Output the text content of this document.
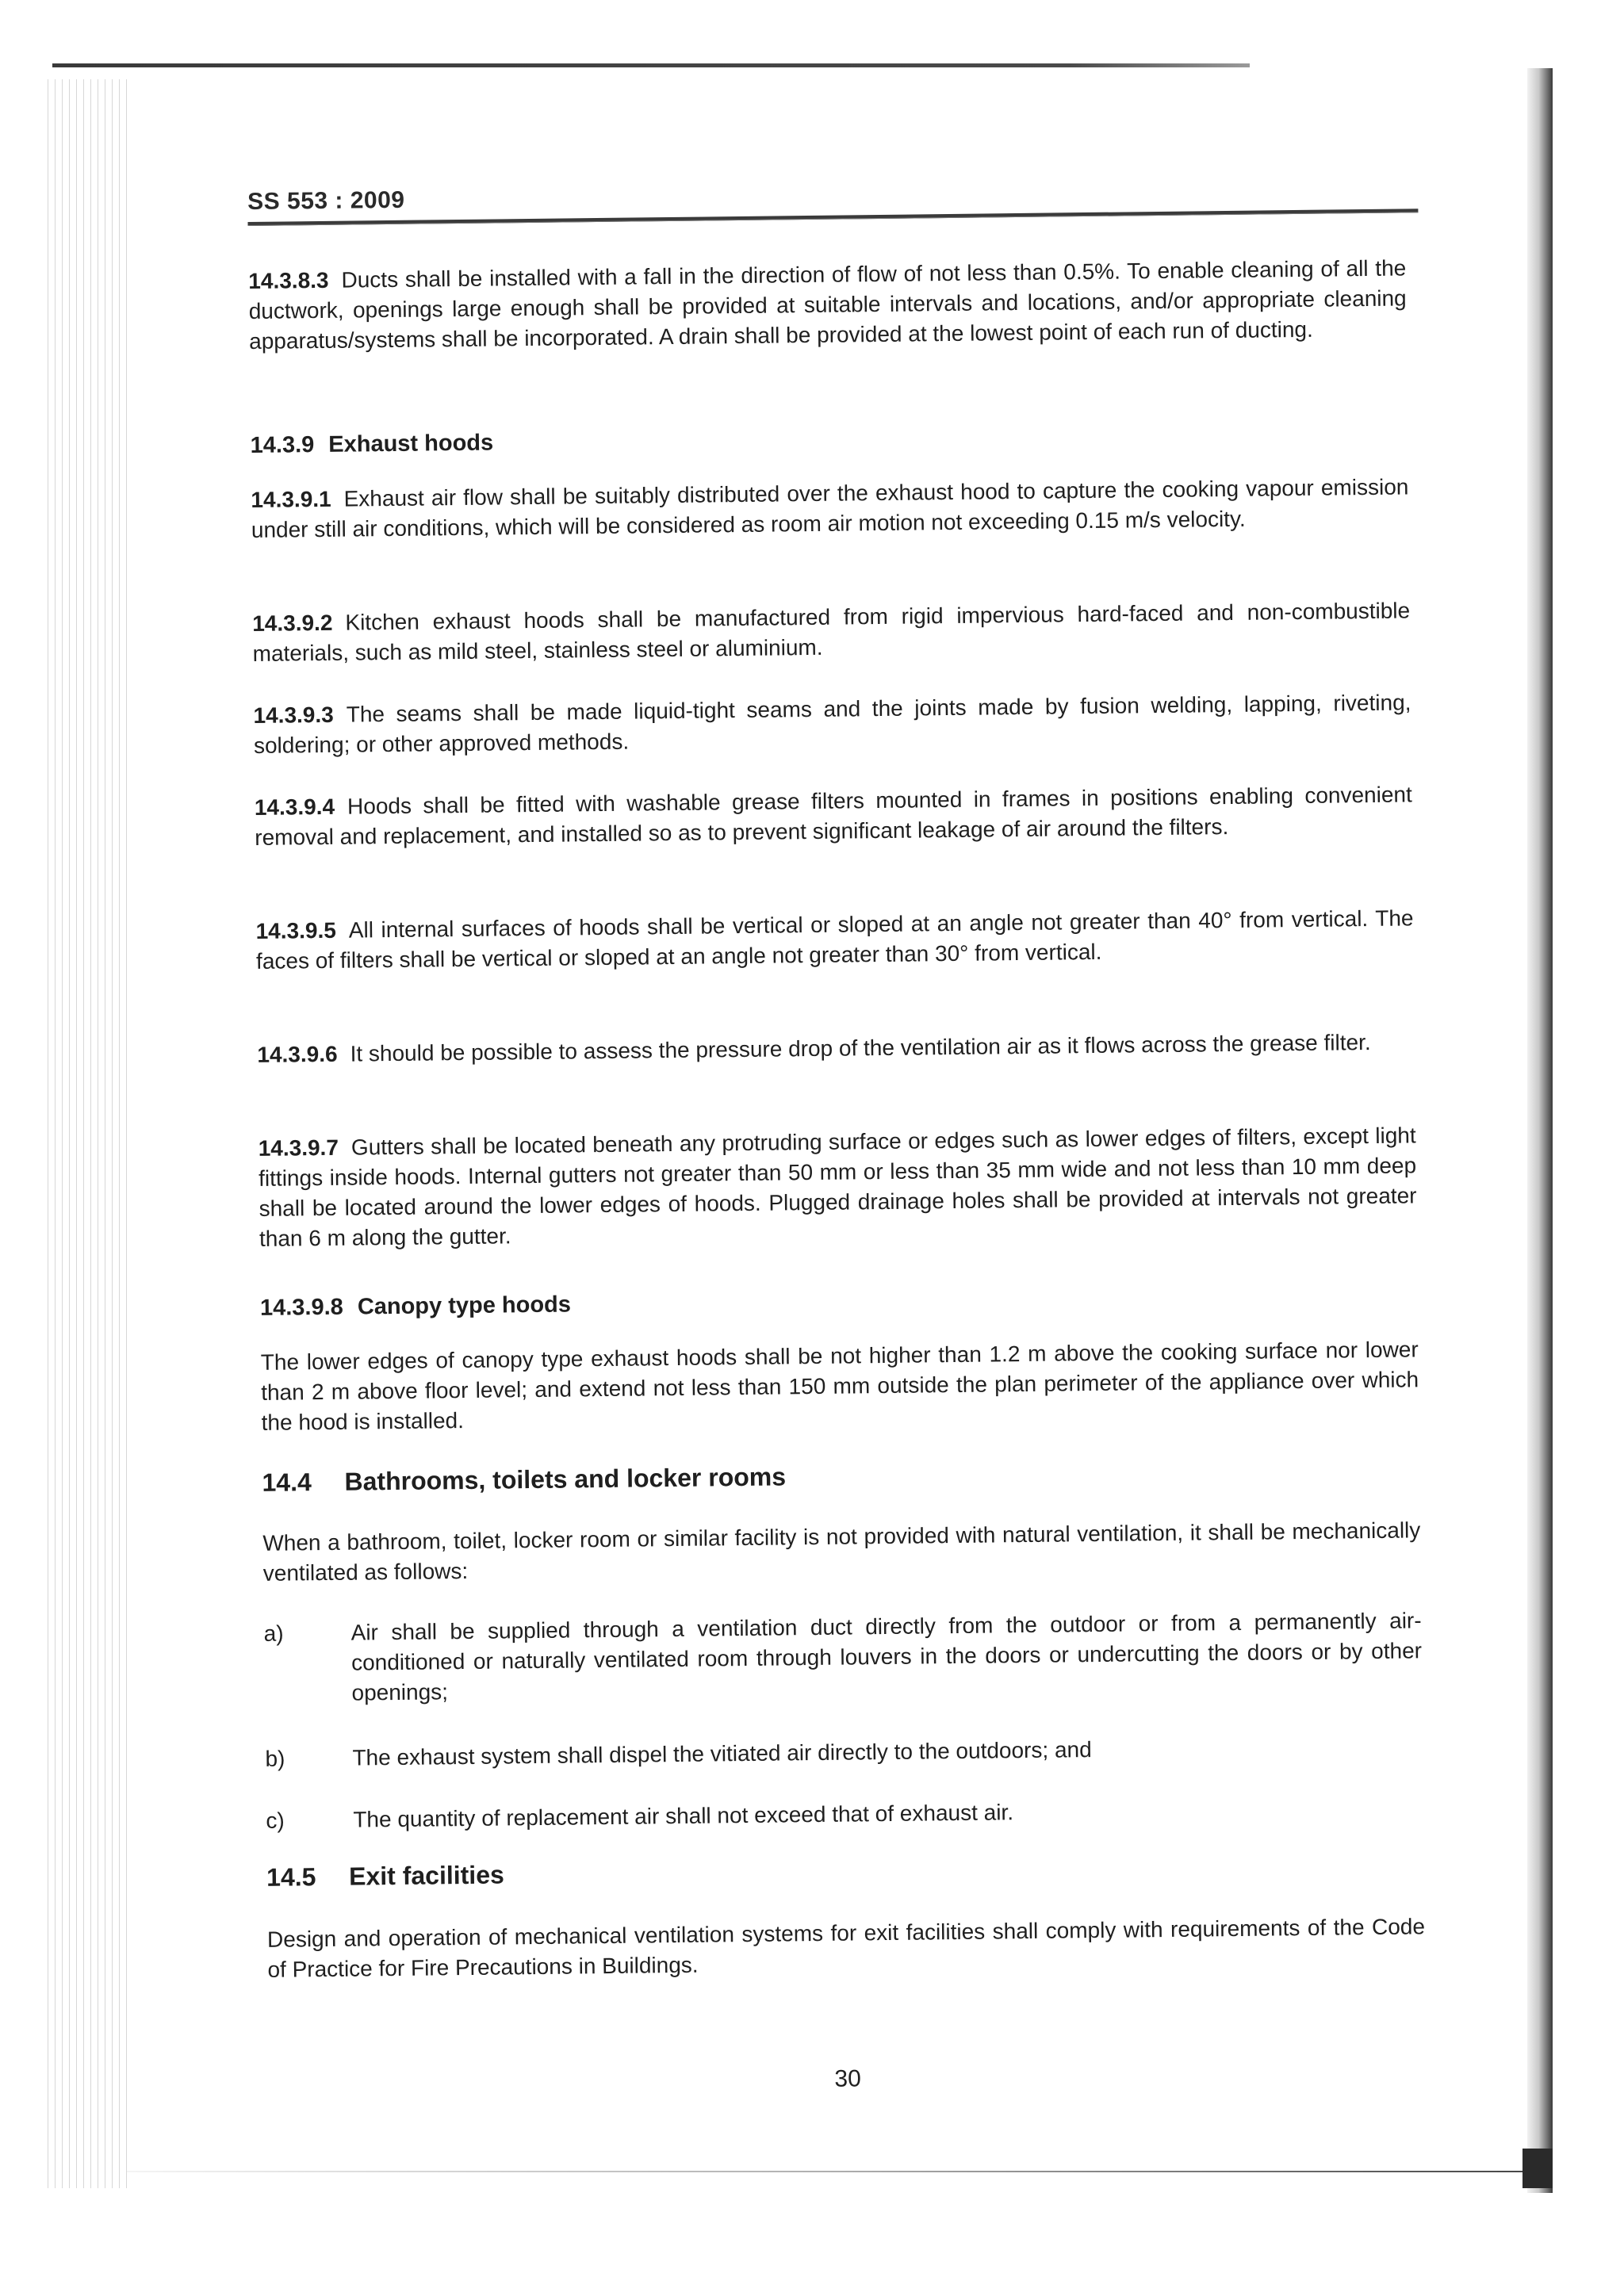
SS 553 : 2009
14.3.8.3 Ducts shall be installed with a fall in the direction of flow of not less than 0.5%. To enable cleaning of all the ductwork, openings large enough shall be provided at suitable intervals and locations, and/or appropriate cleaning apparatus/systems shall be incorporated. A drain shall be provided at the lowest point of each run of ducting.
14.3.9 Exhaust hoods
14.3.9.1 Exhaust air flow shall be suitably distributed over the exhaust hood to capture the cooking vapour emission under still air conditions, which will be considered as room air motion not exceeding 0.15 m/s velocity.
14.3.9.2 Kitchen exhaust hoods shall be manufactured from rigid impervious hard-faced and non-combustible materials, such as mild steel, stainless steel or aluminium.
14.3.9.3 The seams shall be made liquid-tight seams and the joints made by fusion welding, lapping, riveting, soldering; or other approved methods.
14.3.9.4 Hoods shall be fitted with washable grease filters mounted in frames in positions enabling convenient removal and replacement, and installed so as to prevent significant leakage of air around the filters.
14.3.9.5 All internal surfaces of hoods shall be vertical or sloped at an angle not greater than 40° from vertical. The faces of filters shall be vertical or sloped at an angle not greater than 30° from vertical.
14.3.9.6 It should be possible to assess the pressure drop of the ventilation air as it flows across the grease filter.
14.3.9.7 Gutters shall be located beneath any protruding surface or edges such as lower edges of filters, except light fittings inside hoods. Internal gutters not greater than 50 mm or less than 35 mm wide and not less than 10 mm deep shall be located around the lower edges of hoods. Plugged drainage holes shall be provided at intervals not greater than 6 m along the gutter.
14.3.9.8 Canopy type hoods
The lower edges of canopy type exhaust hoods shall be not higher than 1.2 m above the cooking surface nor lower than 2 m above floor level; and extend not less than 150 mm outside the plan perimeter of the appliance over which the hood is installed.
14.4 Bathrooms, toilets and locker rooms
When a bathroom, toilet, locker room or similar facility is not provided with natural ventilation, it shall be mechanically ventilated as follows:
a)	Air shall be supplied through a ventilation duct directly from the outdoor or from a permanently air-conditioned or naturally ventilated room through louvers in the doors or undercutting the doors or by other openings;
b)	The exhaust system shall dispel the vitiated air directly to the outdoors; and
c)	The quantity of replacement air shall not exceed that of exhaust air.
14.5 Exit facilities
Design and operation of mechanical ventilation systems for exit facilities shall comply with requirements of the Code of Practice for Fire Precautions in Buildings.
30
